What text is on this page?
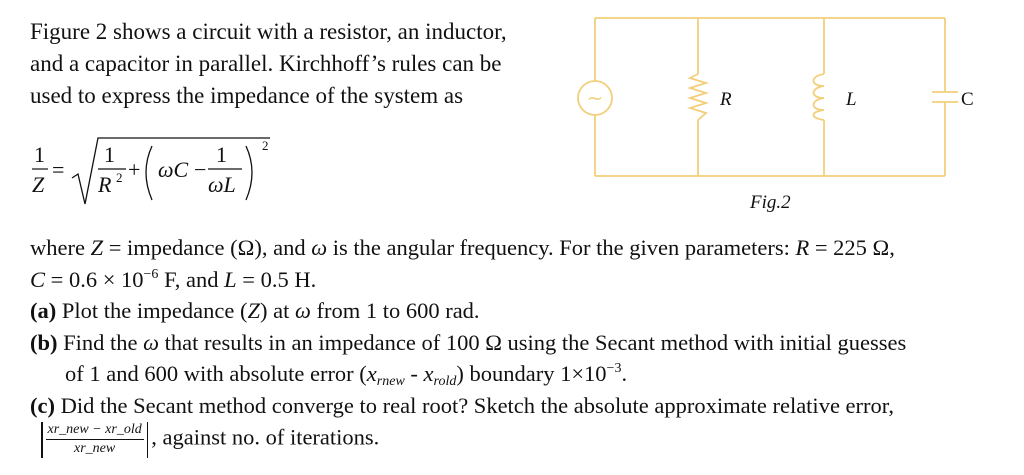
Figure 2 shows a circuit with a resistor, an inductor,
and a capacitor in parallel. Kirchhoff’s rules can be
used to express the impedance of the system as
1
Z
=
1
R 2 + ωC −
1
ωL
2
~	R	L	C
Fig.2
where Z = impedance (Ω), and ω is the angular frequency. For the given parameters: R = 225 Ω,
$C = 0.6 \times 10^{-6}$ F, and L = 0.5 H.
(a) Plot the impedance (Z) at ω from 1 to 600 rad.
(b) Find the ω that results in an impedance of 100 Ω using the Secant method with initial guesses
of 1 and 600 with absolute error $(x_{rnew} - x_{rold})$ boundary $1\times 10^{-3}$.
(c) Did the Secant method converge to real root? Sketch the absolute approximate relative error,
$\frac{\text{xr\_new − xr\_old}}{\text{xr\_new}}$ , against no. of iterations.
